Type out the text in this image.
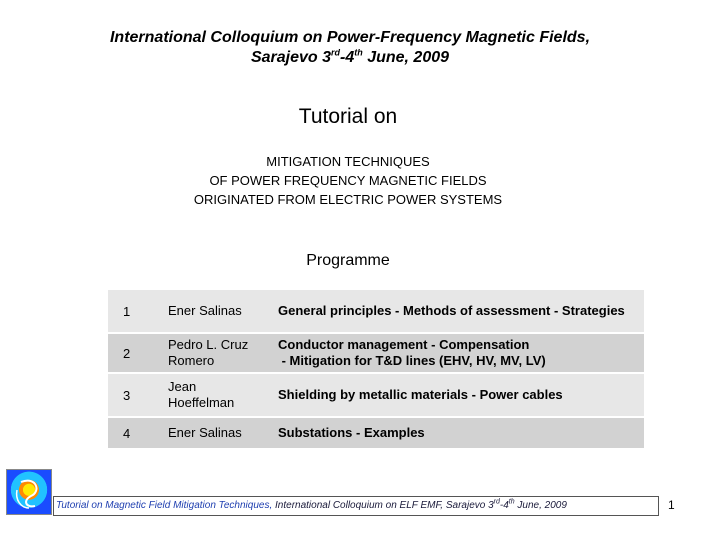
International Colloquium on Power-Frequency Magnetic Fields,
Sarajevo 3rd-4th June, 2009
Tutorial on
MITIGATION TECHNIQUES
OF POWER FREQUENCY MAGNETIC FIELDS
ORIGINATED FROM ELECTRIC POWER SYSTEMS
Programme
1	Ener Salinas	General principles - Methods of assessment - Strategies
2	Pedro L. Cruz Romero	Conductor management - Compensation
- Mitigation for T&D lines (EHV, HV, MV, LV)

3	Jean Hoeffelman	Shielding by metallic materials - Power cables
4	Ener Salinas	Substations - Examples
Tutorial on Magnetic Field Mitigation Techniques, International Colloquium on ELF EMF, Sarajevo 3rd-4th June, 2009	1
